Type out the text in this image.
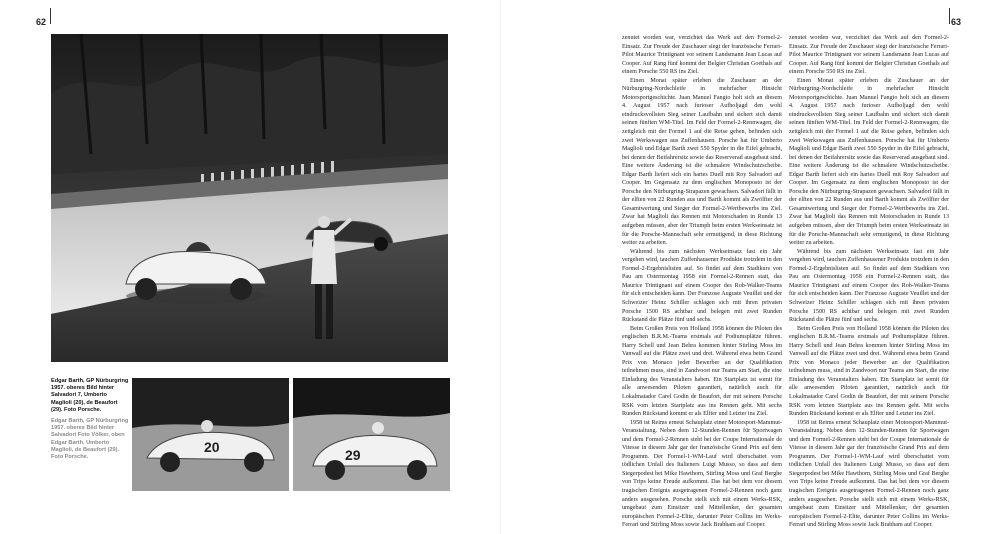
62	63
20	29
Edgar Barth, GP Nürburgring 1957. oberes Bild hinter Salvadori 7, Umberto Maglioli (20), de Beaufort (29). Foto Porsche.
Edgar Barth, GP Nürburgring 1957. oberes Bild hinter Salvadori Foto Völker, oben Edgar Barth, Umberto Maglioli, de Beaufort (29). Foto Porsche.

zenutet worden war, verzichtet das Werk auf den Formel-2-Einsatz. Zur Freude der Zuschauer siegt der französische Ferrari-Pilot Maurice Trintignant vor seinem Landsmann Jean Lucas auf Cooper. Auf Rang fünf kommt der Belgier Christian Goethals auf einem Porsche 550 RS ins Ziel.

Einen Monat später erleben die Zuschauer an der Nürburgring-Nordschleife in mehrfacher Hinsicht Motorsportgeschichte. Juan Manuel Fangio holt sich an diesem 4. August 1957 nach furioser Aufholjagd den wohl eindrucksvollsten Sieg seiner Laufbahn und sichert sich damit seinen fünften WM-Titel. Im Feld der Formel-2-Rennwagen, die zeitgleich mit der Formel 1 auf die Reise gehen, befinden sich zwei Werkswagen aus Zuffenhausen. Porsche hat für Umberto Maglioli und Edgar Barth zwei 550 Spyder in die Eifel gebracht, bei denen der Beifahrersitz sowie das Reserverad ausgebaut sind. Eine weitere Änderung ist die schmalere Windschutzscheibe. Edgar Barth liefert sich ein hartes Duell mit Roy Salvadori auf Cooper. Im Gegensatz zu dem englischen Monoposto ist der Porsche den Nürburgring-Strapazen gewachsen. Salvadori fällt in der elften von 22 Runden aus und Barth kommt als Zwölfter der Gesamtwertung und Sieger der Formel-2-Wertbewerbs ins Ziel. Zwar hat Maglioli das Rennen mit Motorschaden in Runde 13 aufgeben müssen, aber der Triumph beim ersten Werkseinsatz ist für die Porsche-Mannschaft sehr ermutigend, in diese Richtung weiter zu arbeiten.

Während bis zum nächsten Werkseinsatz fast ein Jahr vergehen wird, tauchen Zuffenhausener Produkte trotzdem in den Formel-2-Ergebnislisten auf. So findet auf dem Stadtkurs von Pau am Ostermontag 1958 ein Formel-2-Rennen statt, das Maurice Trintignant auf einem Cooper des Rob-Walker-Teams für sich entscheiden kann. Der Franzose Auguste Veuillet und der Schweizer Heinz Schiller schlagen sich mit ihren privaten Porsche 1500 RS achtbar und belegen mit zwei Runden Rückstand die Plätze fünf und sechs.

Beim Großen Preis von Holland 1958 können die Piloten des englischen B.R.M.-Teams erstmals auf Podiumsplätze führen. Harry Schell und Jean Behra kommen hinter Stirling Moss im Vanwall auf die Plätze zwei und drei. Während etwa beim Grand Prix von Monaco jeder Bewerber an der Qualifikation teilnehmen muss, sind in Zandvoort nur Teams am Start, die eine Einladung des Veranstalters haben. Ein Startplatz ist somit für alle anwesenden Piloten garantiert, natürlich auch für Lokalmatador Carel Godin de Beaufort, der mit seinem Porsche RSK vom letzten Startplatz aus ins Rennen geht. Mit sechs Runden Rückstand kommt er als Elfter und Letzter ins Ziel.

1958 ist Reims erneut Schauplatz einer Motorsport-Mammut-Veranstaltung. Neben dem 12-Stunden-Rennen für Sportwagen und dem Formel-2-Rennen steht bei der Coupe Internationale de Vitesse in diesem Jahr gar der französische Grand Prix auf dem Programm. Der Formel-1-WM-Lauf wird überschattet vom tödlichen Unfall des Italieners Luigi Musso, so dass auf dem Siegerpodest bei Mike Hawthorn, Stirling Moss und Graf Berghe von Trips keine Freude aufkommt. Das hat bei dem vor diesem tragischen Ereignis ausgetragenen Formel-2-Rennen noch ganz anders ausgesehen. Porsche stellt sich mit einem Werks-RSK, umgebaut zum Einsitzer und Mittellenker, der gesamten europäischen Formel-2-Elite, darunter Peter Collins im Werks-Ferrari und Stirling Moss sowie Jack Brabham auf Cooper.

zenutet worden war, verzichtet das Werk auf den Formel-2-Einsatz. Zur Freude der Zuschauer siegt der französische Ferrari-Pilot Maurice Trintignant vor seinem Landsmann Jean Lucas auf Cooper. Auf Rang fünf kommt der Belgier Christian Goethals auf einem Porsche 550 RS ins Ziel.

Einen Monat später erleben die Zuschauer an der Nürburgring-Nordschleife in mehrfacher Hinsicht Motorsportgeschichte. Juan Manuel Fangio holt sich an diesem 4. August 1957 nach furioser Aufholjagd den wohl eindrucksvollsten Sieg seiner Laufbahn und sichert sich damit seinen fünften WM-Titel. Im Feld der Formel-2-Rennwagen, die zeitgleich mit der Formel 1 auf die Reise gehen, befinden sich zwei Werkswagen aus Zuffenhausen. Porsche hat für Umberto Maglioli und Edgar Barth zwei 550 Spyder in die Eifel gebracht, bei denen der Beifahrersitz sowie das Reserverad ausgebaut sind. Eine weitere Änderung ist die schmalere Windschutzscheibe. Edgar Barth liefert sich ein hartes Duell mit Roy Salvadori auf Cooper. Im Gegensatz zu dem englischen Monoposto ist der Porsche den Nürburgring-Strapazen gewachsen. Salvadori fällt in der elften von 22 Runden aus und Barth kommt als Zwölfter der Gesamtwertung und Sieger der Formel-2-Wertbewerbs ins Ziel. Zwar hat Maglioli das Rennen mit Motorschaden in Runde 13 aufgeben müssen, aber der Triumph beim ersten Werkseinsatz ist für die Porsche-Mannschaft sehr ermutigend, in diese Richtung weiter zu arbeiten.

Während bis zum nächsten Werkseinsatz fast ein Jahr vergehen wird, tauchen Zuffenhausener Produkte trotzdem in den Formel-2-Ergebnislisten auf. So findet auf dem Stadtkurs von Pau am Ostermontag 1958 ein Formel-2-Rennen statt, das Maurice Trintignant auf einem Cooper des Rob-Walker-Teams für sich entscheiden kann. Der Franzose Auguste Veuillet und der Schweizer Heinz Schiller schlagen sich mit ihren privaten Porsche 1500 RS achtbar und belegen mit zwei Runden Rückstand die Plätze fünf und sechs.

Beim Großen Preis von Holland 1958 können die Piloten des englischen B.R.M.-Teams erstmals auf Podiumsplätze führen. Harry Schell und Jean Behra kommen hinter Stirling Moss im Vanwall auf die Plätze zwei und drei. Während etwa beim Grand Prix von Monaco jeder Bewerber an der Qualifikation teilnehmen muss, sind in Zandvoort nur Teams am Start, die eine Einladung des Veranstalters haben. Ein Startplatz ist somit für alle anwesenden Piloten garantiert, natürlich auch für Lokalmatador Carel Godin de Beaufort, der mit seinem Porsche RSK vom letzten Startplatz aus ins Rennen geht. Mit sechs Runden Rückstand kommt er als Elfter und Letzter ins Ziel.

1958 ist Reims erneut Schauplatz einer Motorsport-Mammut-Veranstaltung. Neben dem 12-Stunden-Rennen für Sportwagen und dem Formel-2-Rennen steht bei der Coupe Internationale de Vitesse in diesem Jahr gar der französische Grand Prix auf dem Programm. Der Formel-1-WM-Lauf wird überschattet vom tödlichen Unfall des Italieners Luigi Musso, so dass auf dem Siegerpodest bei Mike Hawthorn, Stirling Moss und Graf Berghe von Trips keine Freude aufkommt. Das hat bei dem vor diesem tragischen Ereignis ausgetragenen Formel-2-Rennen noch ganz anders ausgesehen. Porsche stellt sich mit einem Werks-RSK, umgebaut zum Einsitzer und Mittellenker, der gesamten europäischen Formel-2-Elite, darunter Peter Collins im Werks-Ferrari und Stirling Moss sowie Jack Brabham auf Cooper.
